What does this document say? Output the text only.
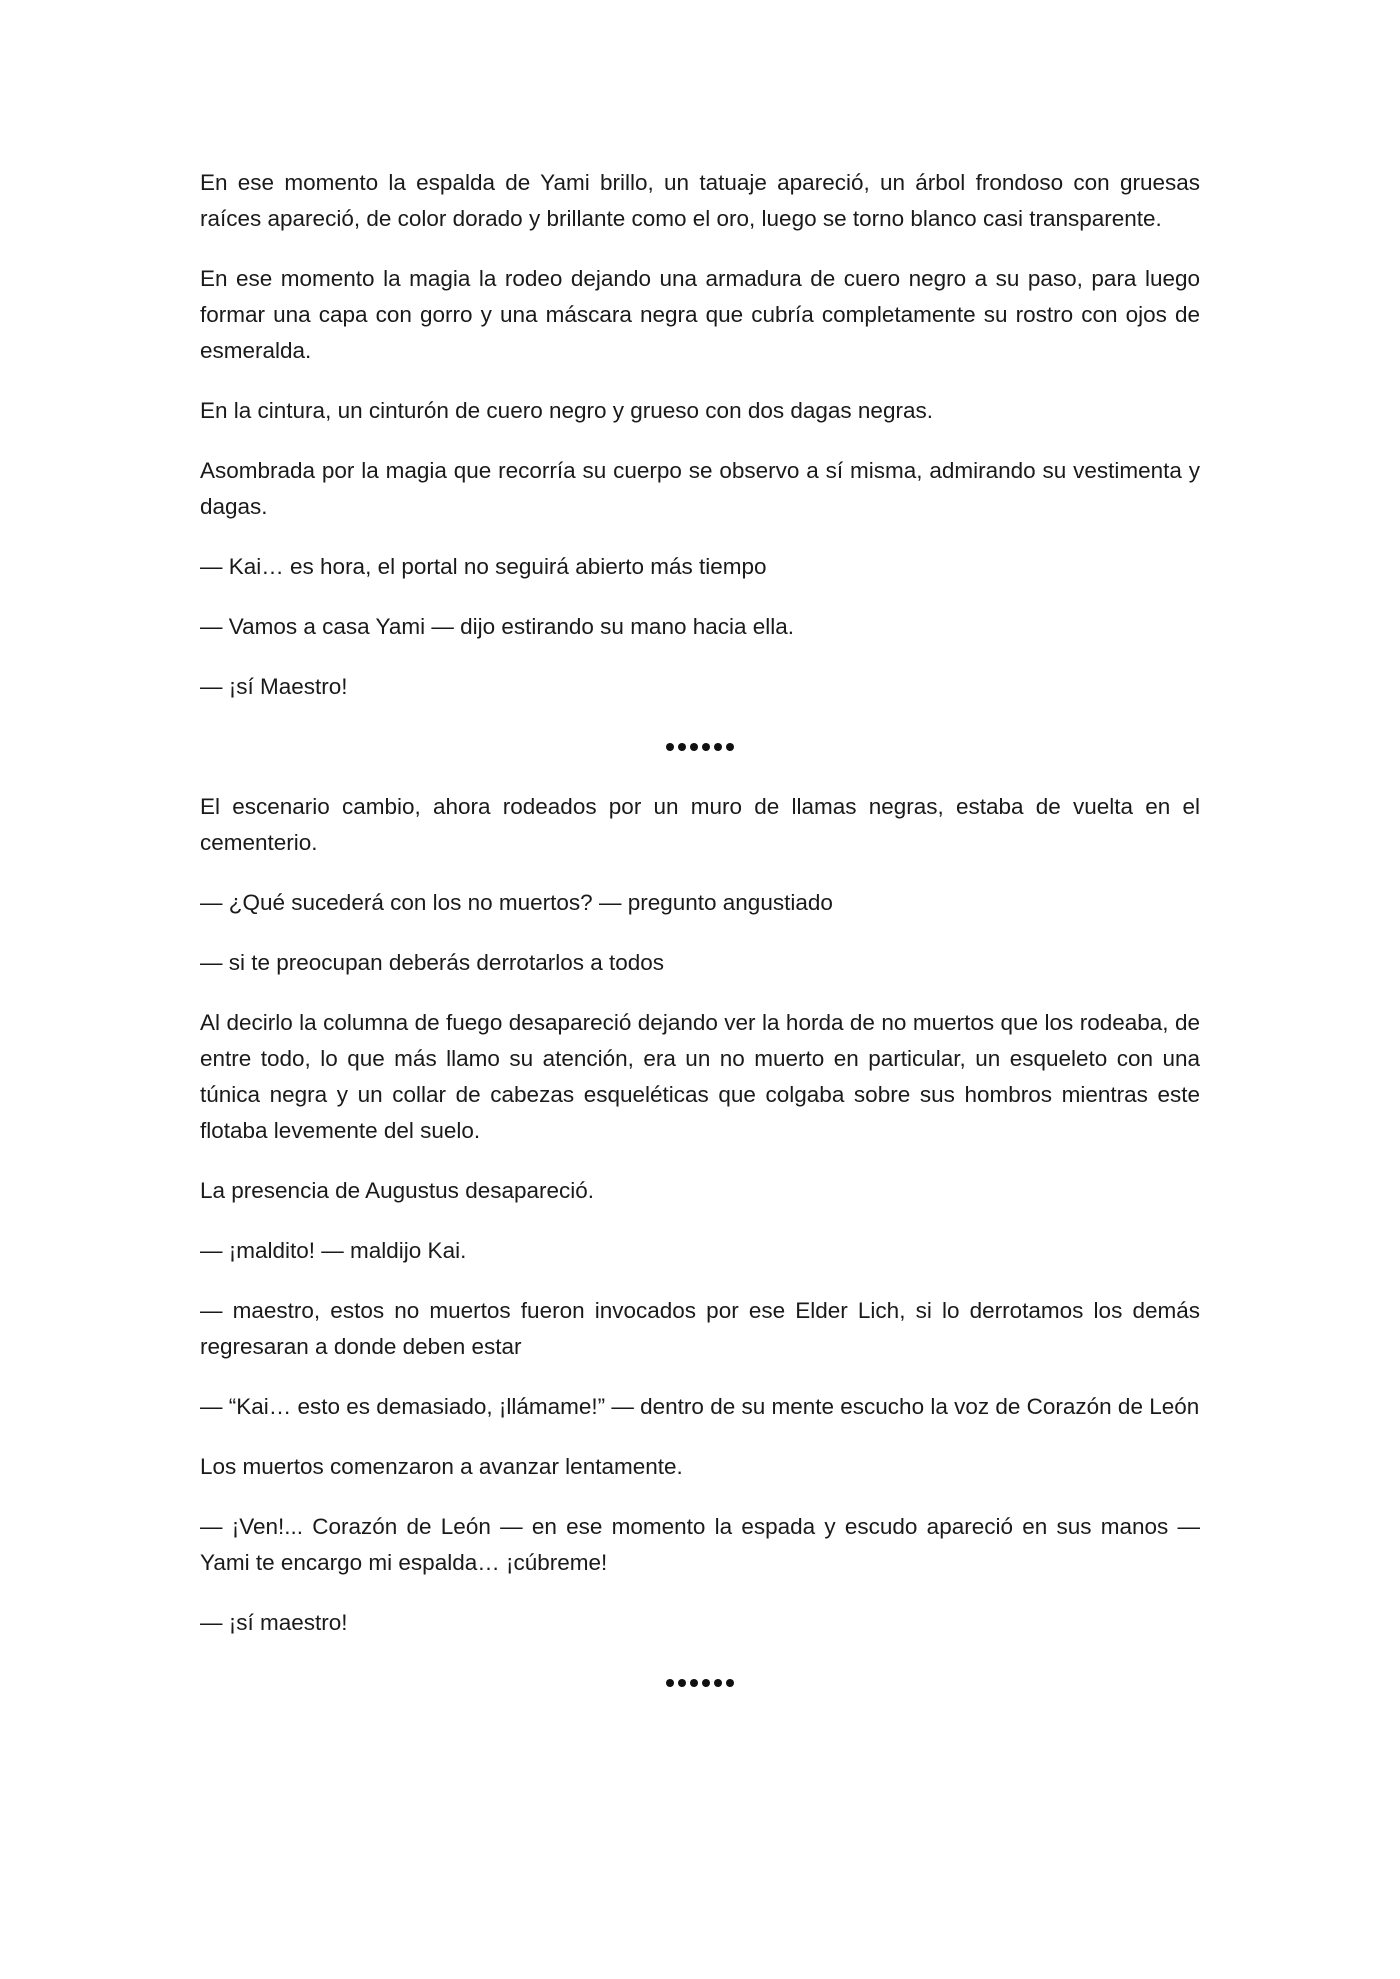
En ese momento la espalda de Yami brillo, un tatuaje apareció, un árbol frondoso con gruesas raíces apareció, de color dorado y brillante como el oro, luego se torno blanco casi transparente.

En ese momento la magia la rodeo dejando una armadura de cuero negro a su paso, para luego formar una capa con gorro y una máscara negra que cubría completamente su rostro con ojos de esmeralda.

En la cintura, un cinturón de cuero negro y grueso con dos dagas negras.

Asombrada por la magia que recorría su cuerpo se observo a sí misma, admirando su vestimenta y dagas.

— Kai… es hora, el portal no seguirá abierto más tiempo

— Vamos a casa Yami — dijo estirando su mano hacia ella.

— ¡sí Maestro!

El escenario cambio, ahora rodeados por un muro de llamas negras, estaba de vuelta en el cementerio.

— ¿Qué sucederá con los no muertos? — pregunto angustiado

— si te preocupan deberás derrotarlos a todos

Al decirlo la columna de fuego desapareció dejando ver la horda de no muertos que los rodeaba, de entre todo, lo que más llamo su atención, era un no muerto en particular, un esqueleto con una túnica negra y un collar de cabezas esqueléticas que colgaba sobre sus hombros mientras este flotaba levemente del suelo.

La presencia de Augustus desapareció.

— ¡maldito! — maldijo Kai.

— maestro, estos no muertos fueron invocados por ese Elder Lich, si lo derrotamos los demás regresaran a donde deben estar

— “Kai… esto es demasiado, ¡llámame!” — dentro de su mente escucho la voz de Corazón de León

Los muertos comenzaron a avanzar lentamente.

— ¡Ven!... Corazón de León — en ese momento la espada y escudo apareció en sus manos — Yami te encargo mi espalda… ¡cúbreme!

— ¡sí maestro!
